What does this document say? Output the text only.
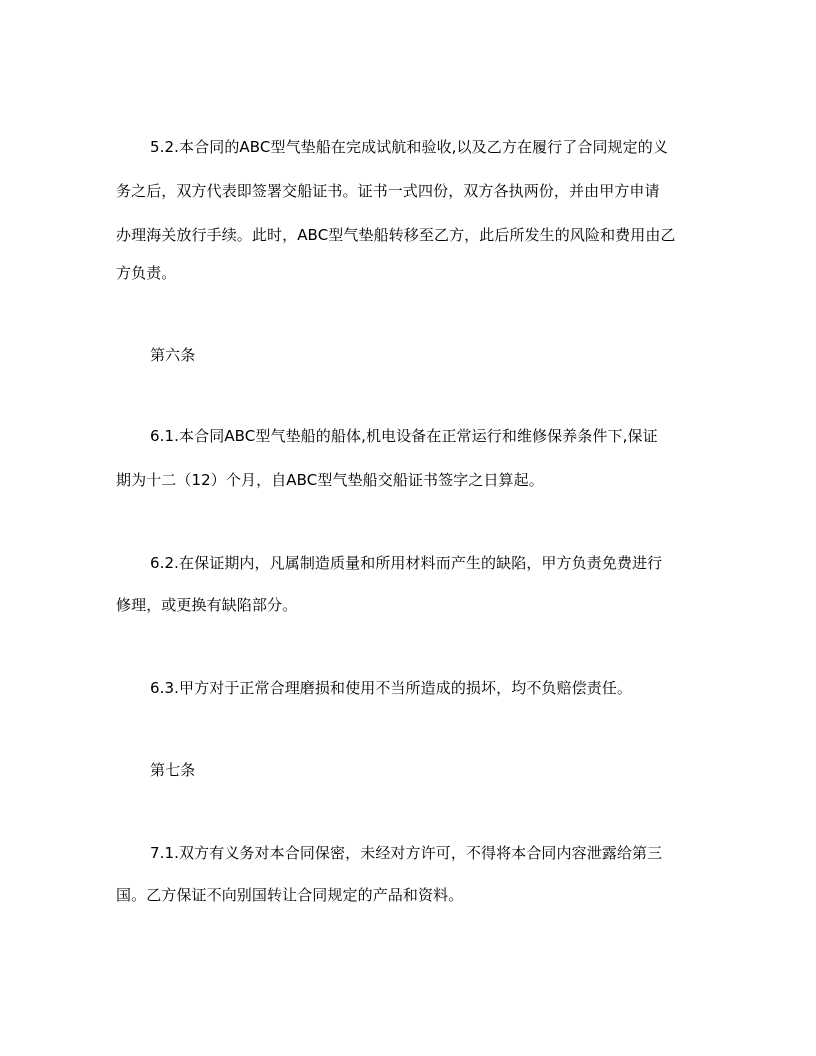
5.2.本合同的ABC型气垫船在完成试航和验收,以及乙方在履行了合同规定的义
务之后，双方代表即签署交船证书。证书一式四份，双方各执两份，并由甲方申请
办理海关放行手续。此时，ABC型气垫船转移至乙方，此后所发生的风险和费用由乙
方负责。
第六条
6.1.本合同ABC型气垫船的船体,机电设备在正常运行和维修保养条件下,保证
期为十二（12）个月，自ABC型气垫船交船证书签字之日算起。
6.2.在保证期内，凡属制造质量和所用材料而产生的缺陷，甲方负责免费进行
修理，或更换有缺陷部分。
6.3.甲方对于正常合理磨损和使用不当所造成的损坏，均不负赔偿责任。
第七条
7.1.双方有义务对本合同保密，未经对方许可，不得将本合同内容泄露给第三
国。乙方保证不向别国转让合同规定的产品和资料。
